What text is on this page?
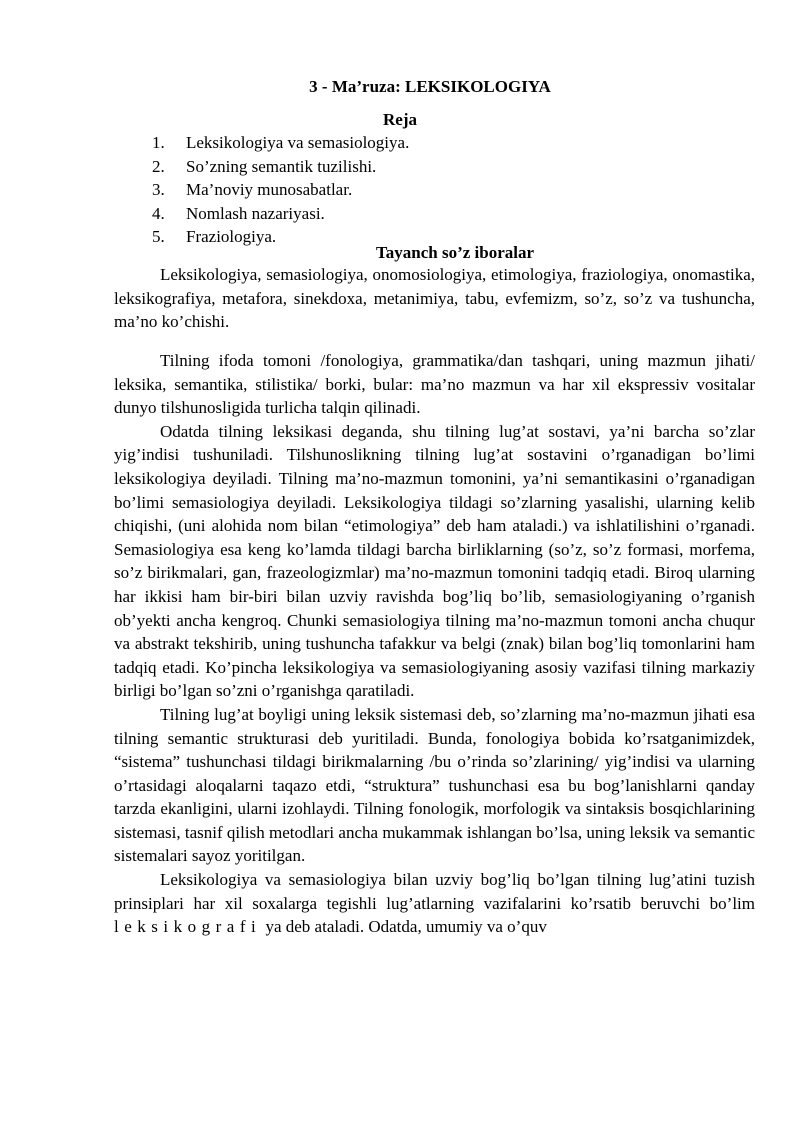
3 - Ma’ruza: LEKSIKOLOGIYA
Reja
1.	Leksikologiya va semasiologiya.
2.	So’zning semantik tuzilishi.
3.	Ma’noviy munosabatlar.
4.	Nomlash nazariyasi.
5.	Fraziologiya.
Tayanch so’z iboralar

Leksikologiya, semasiologiya, onomosiologiya, etimologiya, fraziologiya, onomastika, leksikografiya, metafora, sinekdoxa, metanimiya, tabu, evfemizm, so’z, so’z va tushuncha, ma’no ko’chishi.

Tilning ifoda tomoni /fonologiya, grammatika/dan tashqari, uning mazmun jihati/ leksika, semantika, stilistika/ borki, bular: ma’no mazmun va har xil ekspressiv vositalar dunyo tilshunosligida turlicha talqin qilinadi.

Odatda tilning leksikasi deganda, shu tilning lug’at sostavi, ya’ni barcha so’zlar yig’indisi tushuniladi. Tilshunoslikning tilning lug’at sostavini o’rganadigan bo’limi leksikologiya deyiladi. Tilning ma’no-mazmun tomonini, ya’ni semantikasini o’rganadigan bo’limi semasiologiya deyiladi. Leksikologiya tildagi so’zlarning yasalishi, ularning kelib chiqishi, (uni alohida nom bilan “etimologiya” deb ham ataladi.) va ishlatilishini o’rganadi. Semasiologiya esa keng ko’lamda tildagi barcha birliklarning (so’z, so’z formasi, morfema, so’z birikmalari, gan, frazeologizmlar) ma’no-mazmun tomonini tadqiq etadi. Biroq ularning har ikkisi ham bir-biri bilan uzviy ravishda bog’liq bo’lib, semasiologiyaning o’rganish ob’yekti ancha kengroq. Chunki semasiologiya tilning ma’no-mazmun tomoni ancha chuqur va abstrakt tekshirib, uning tushuncha tafakkur va belgi (znak) bilan bog’liq tomonlarini ham tadqiq etadi. Ko’pincha leksikologiya va semasiologiyaning asosiy vazifasi tilning markaziy birligi bo’lgan so’zni o’rganishga qaratiladi.

Tilning lug’at boyligi uning leksik sistemasi deb, so’zlarning ma’no-mazmun jihati esa tilning semantic strukturasi deb yuritiladi. Bunda, fonologiya bobida ko’rsatganimizdek, “sistema” tushunchasi tildagi birikmalarning /bu o’rinda so’zlarining/ yig’indisi va ularning o’rtasidagi aloqalarni taqazo etdi, “struktura” tushunchasi esa bu bog’lanishlarni qanday tarzda ekanligini, ularni izohlaydi. Tilning fonologik, morfologik va sintaksis bosqichlarining sistemasi, tasnif qilish metodlari ancha mukammak ishlangan bo’lsa, uning leksik va semantic sistemalari sayoz yoritilgan.

Leksikologiya va semasiologiya bilan uzviy bog’liq bo’lgan tilning lug’atini tuzish prinsiplari har xil soxalarga tegishli lug’atlarning vazifalarini ko’rsatib beruvchi bo’lim leksikografi ya deb ataladi. Odatda, umumiy va o’quv
